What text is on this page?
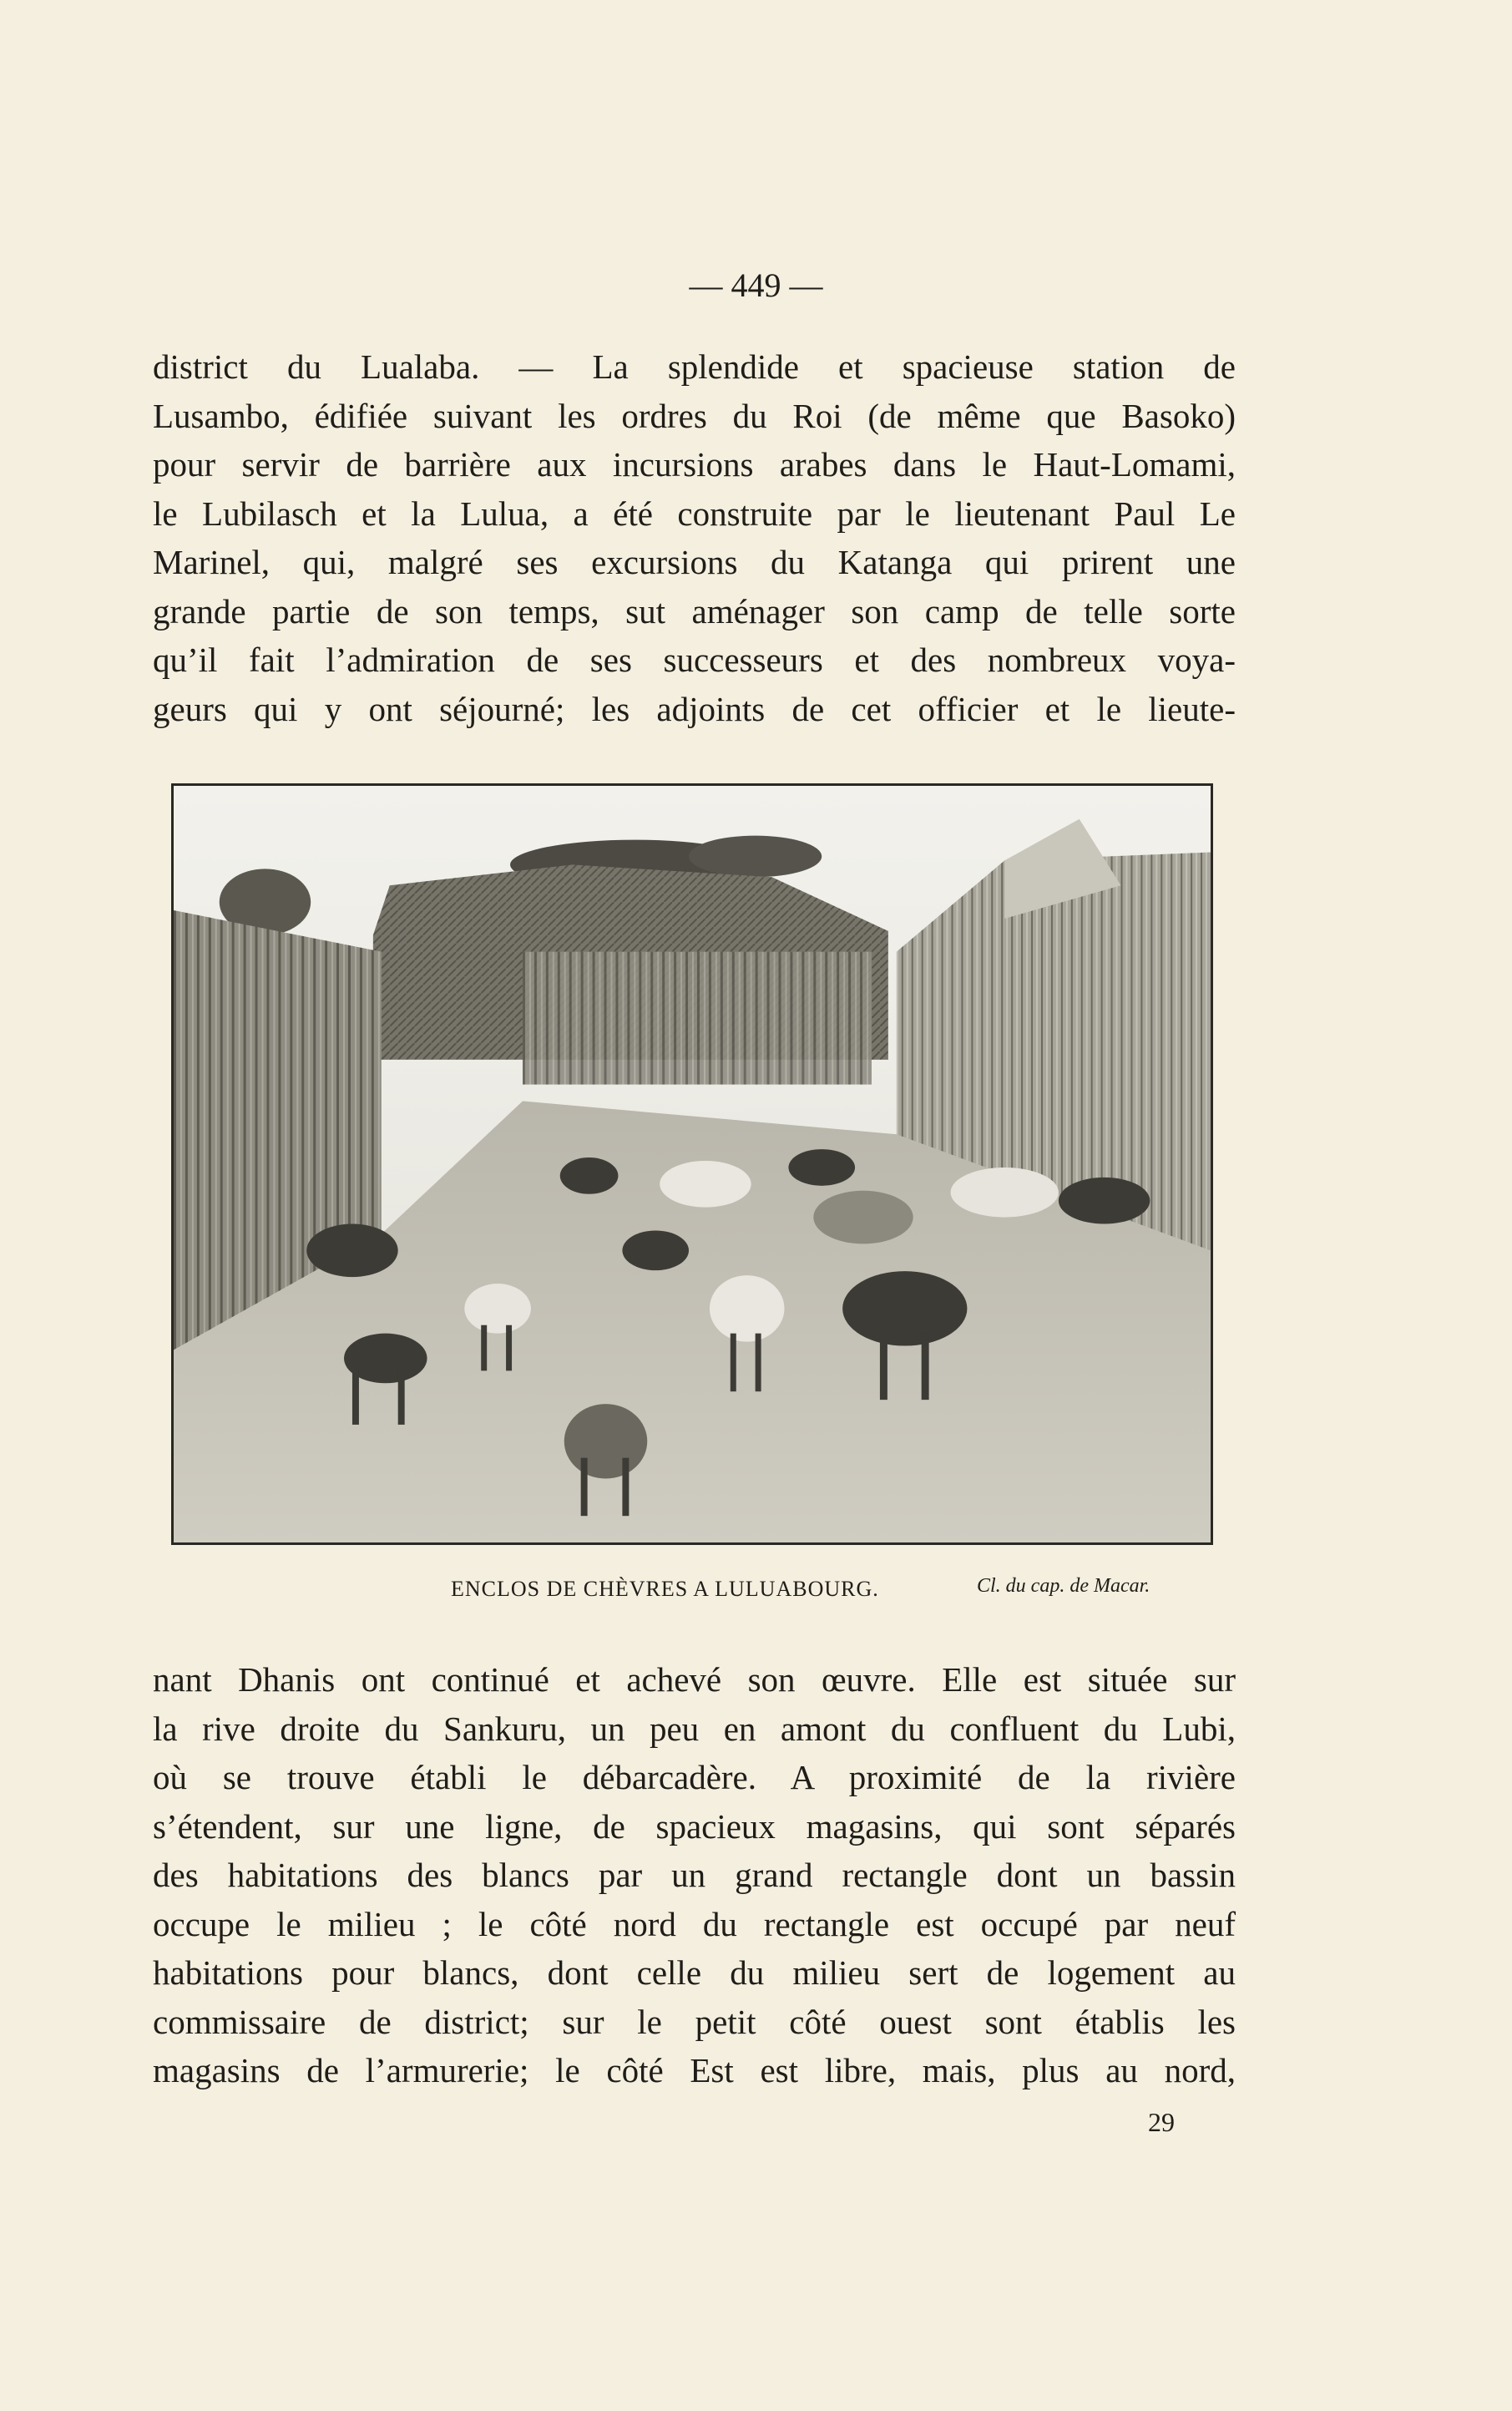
— 449 —

district du Lualaba. — La splendide et spacieuse station de
Lusambo, édifiée suivant les ordres du Roi (de même que Basoko)
pour servir de barrière aux incursions arabes dans le Haut-Lomami,
le Lubilasch et la Lulua, a été construite par le lieutenant Paul Le
Marinel, qui, malgré ses excursions du Katanga qui prirent une
grande partie de son temps, sut aménager son camp de telle sorte
qu’il fait l’admiration de ses successeurs et des nombreux voya-
geurs qui y ont séjourné; les adjoints de cet officier et le lieute-

ENCLOS DE CHÈVRES A LULUABOURG.	Cl. du cap. de Macar.

nant Dhanis ont continué et achevé son œuvre. Elle est située sur
la rive droite du Sankuru, un peu en amont du confluent du Lubi,
où se trouve établi le débarcadère. A proximité de la rivière
s’étendent, sur une ligne, de spacieux magasins, qui sont séparés
des habitations des blancs par un grand rectangle dont un bassin
occupe le milieu ; le côté nord du rectangle est occupé par neuf
habitations pour blancs, dont celle du milieu sert de logement au
commissaire de district; sur le petit côté ouest sont établis les
magasins de l’armurerie; le côté Est est libre, mais, plus au nord,

29
